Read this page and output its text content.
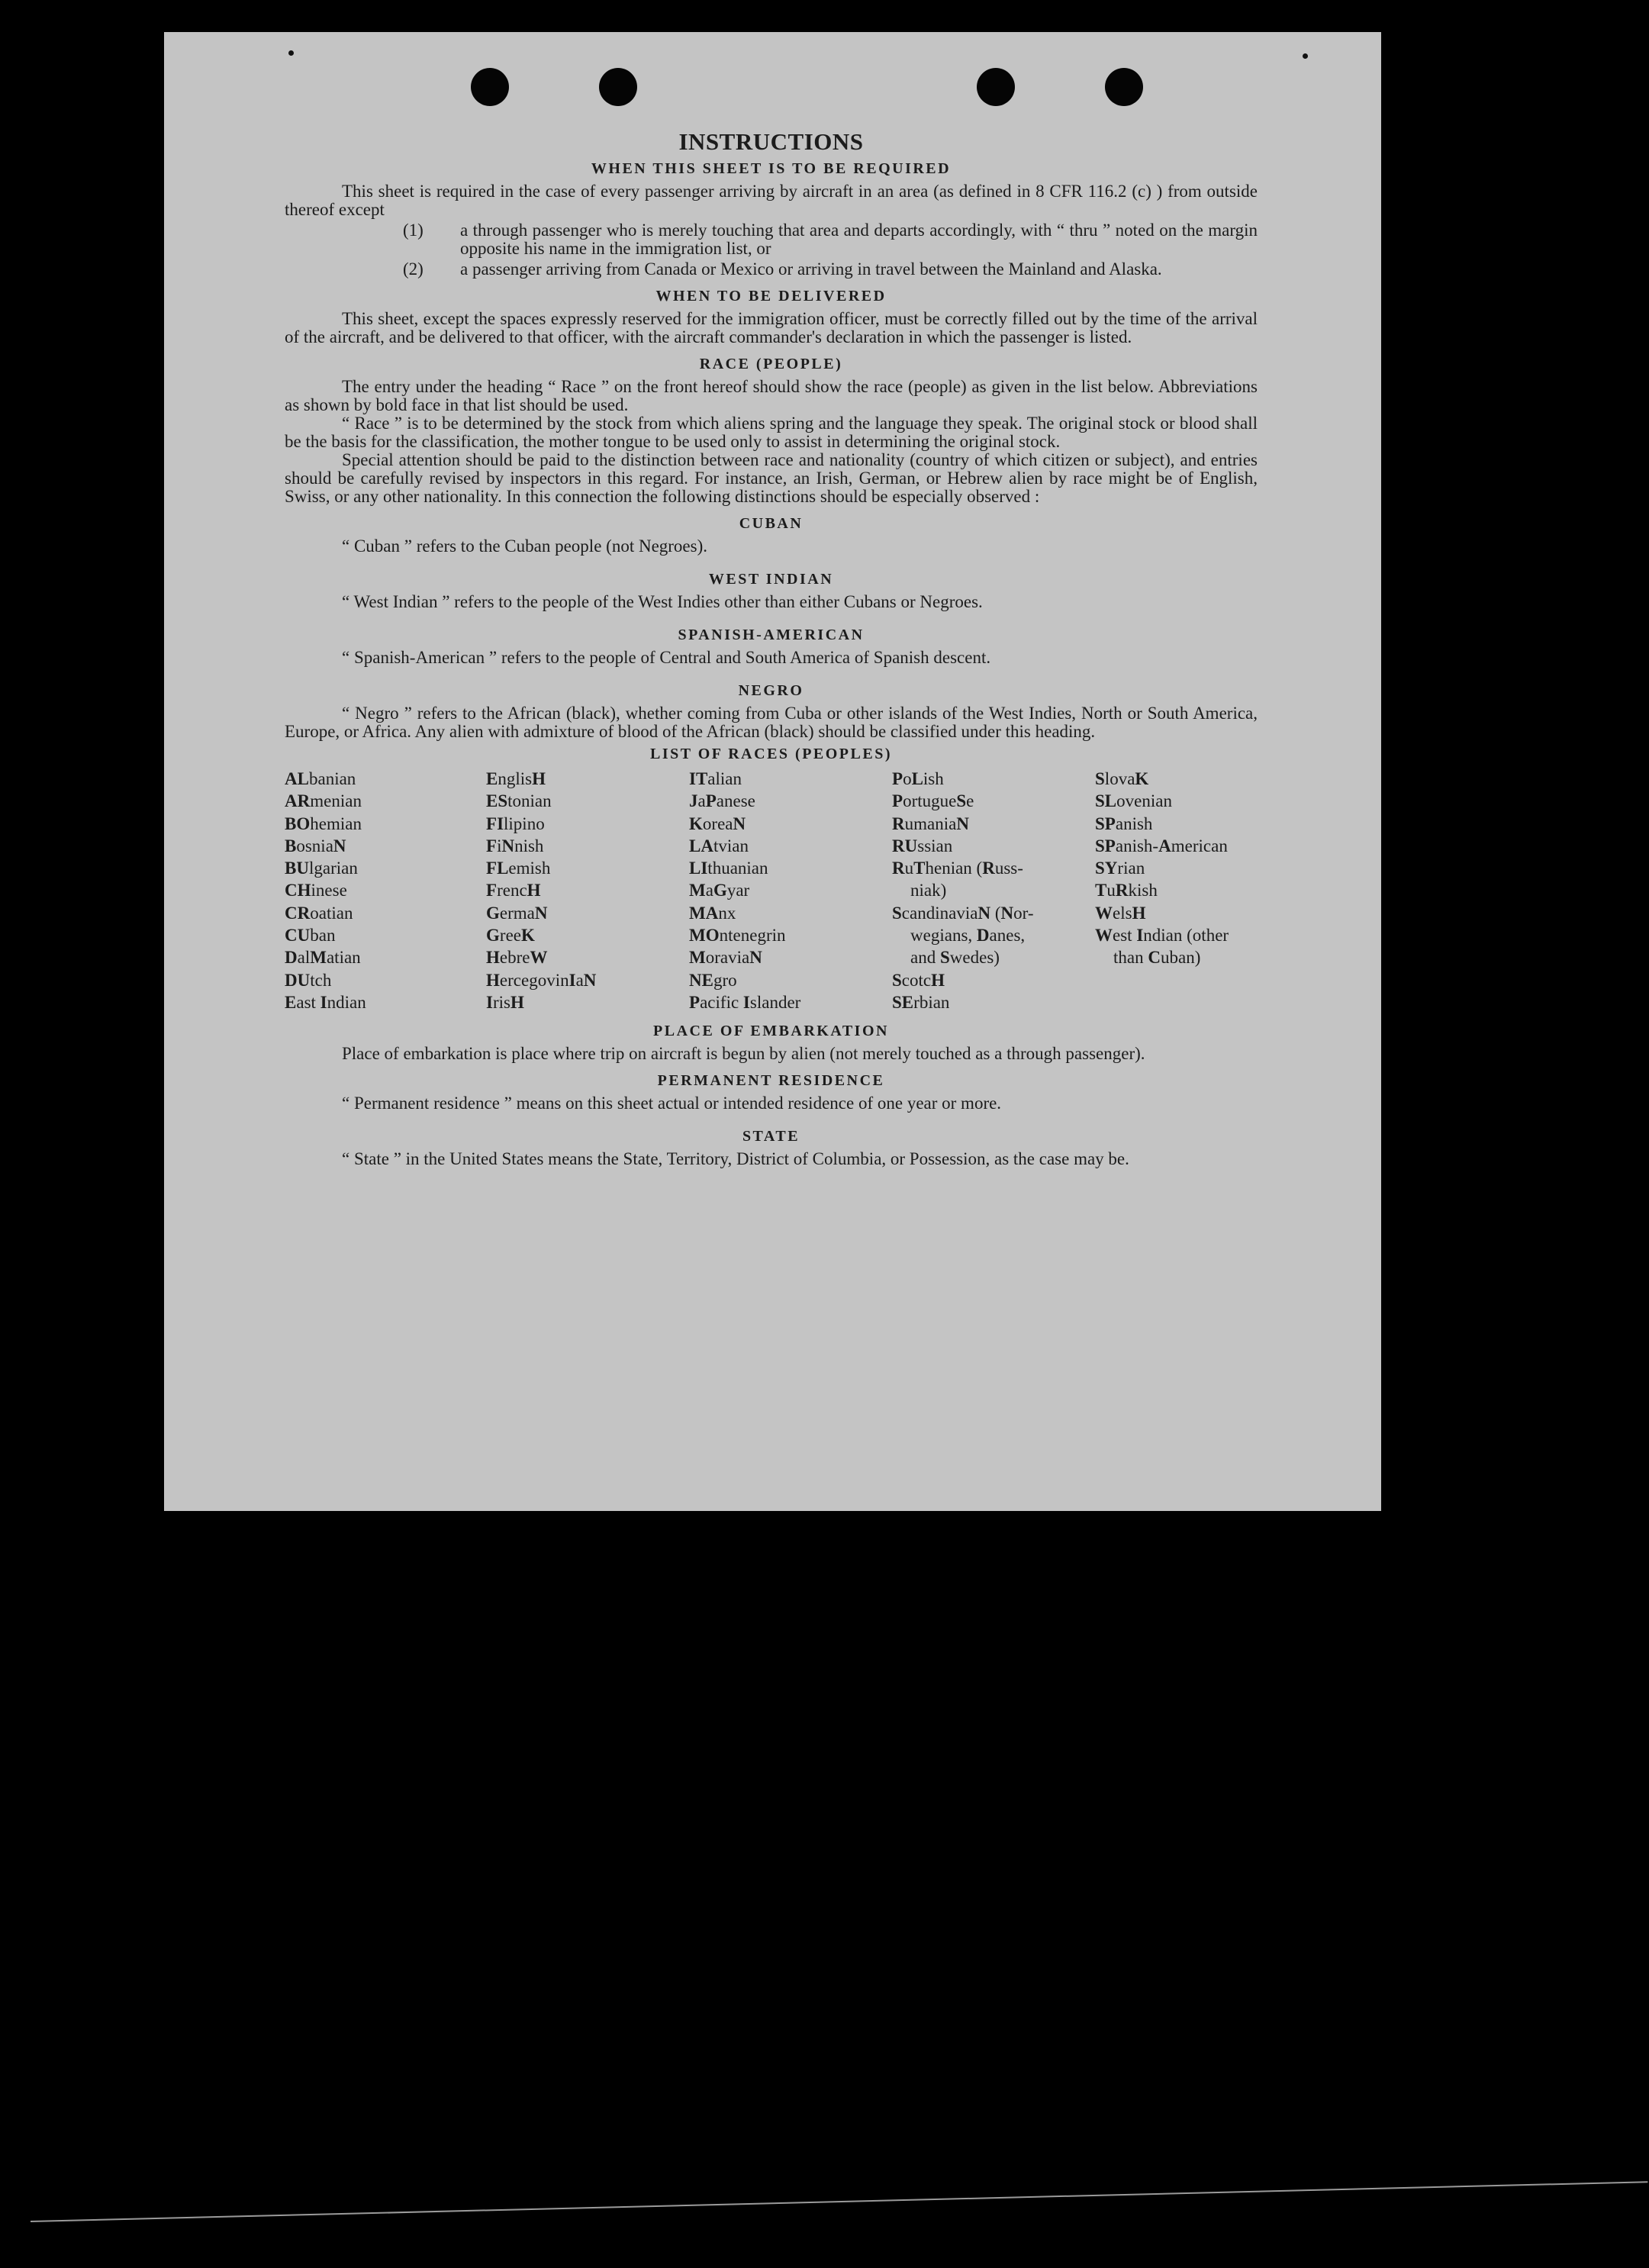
INSTRUCTIONS
WHEN THIS SHEET IS TO BE REQUIRED

This sheet is required in the case of every passenger arriving by aircraft in an area (as defined in 8 CFR 116.2 (c) ) from outside thereof except

(1) a through passenger who is merely touching that area and departs accordingly, with “ thru ” noted on the margin opposite his name in the immigration list, or
(2) a passenger arriving from Canada or Mexico or arriving in travel between the Mainland and Alaska.
WHEN TO BE DELIVERED

This sheet, except the spaces expressly reserved for the immigration officer, must be correctly filled out by the time of the arrival of the aircraft, and be delivered to that officer, with the aircraft commander's declaration in which the passenger is listed.

RACE (PEOPLE)

The entry under the heading “ Race ” on the front hereof should show the race (people) as given in the list below. Abbreviations as shown by bold face in that list should be used.

“ Race ” is to be determined by the stock from which aliens spring and the language they speak. The original stock or blood shall be the basis for the classification, the mother tongue to be used only to assist in determining the original stock.

Special attention should be paid to the distinction between race and nationality (country of which citizen or subject), and entries should be carefully revised by inspectors in this regard. For instance, an Irish, German, or Hebrew alien by race might be of English, Swiss, or any other nationality. In this connection the following distinctions should be especially observed :

CUBAN

“ Cuban ” refers to the Cuban people (not Negroes).

WEST INDIAN

“ West Indian ” refers to the people of the West Indies other than either Cubans or Negroes.

SPANISH-AMERICAN

“ Spanish-American ” refers to the people of Central and South America of Spanish descent.

NEGRO

“ Negro ” refers to the African (black), whether coming from Cuba or other islands of the West Indies, North or South America, Europe, or Africa. Any alien with admixture of blood of the African (black) should be classified under this heading.

LIST OF RACES (PEOPLES)
ALbanian
ARmenian
BOhemian
BosniaN
BUlgarian
CHinese
CRoatian
CUban
DalMatian
DUtch
East Indian
EnglisH
EStonian
FIlipino
FiNnish
FLemish
FrencH
GermaN
GreeK
HebreW
HercegovinIaN
IrisH
ITalian
JaPanese
KoreaN
LAtvian
LIthuanian
MaGyar
MAnx
MOntenegrin
MoraviaN
NEgro
Pacific Islander
PoLish
PortugueSe
RumaniaN
RUssian
RuThenian (Russ-
niak)
ScandinaviaN (Nor-
wegians, Danes,
and Swedes)
ScotcH
SErbian
SlovaK
SLovenian
SPanish
SPanish-American
SYrian
TuRkish
WelsH
West Indian (other
than Cuban)
PLACE OF EMBARKATION

Place of embarkation is place where trip on aircraft is begun by alien (not merely touched as a through passenger).

PERMANENT RESIDENCE

“ Permanent residence ” means on this sheet actual or intended residence of one year or more.

STATE

“ State ” in the United States means the State, Territory, District of Columbia, or Possession, as the case may be.
